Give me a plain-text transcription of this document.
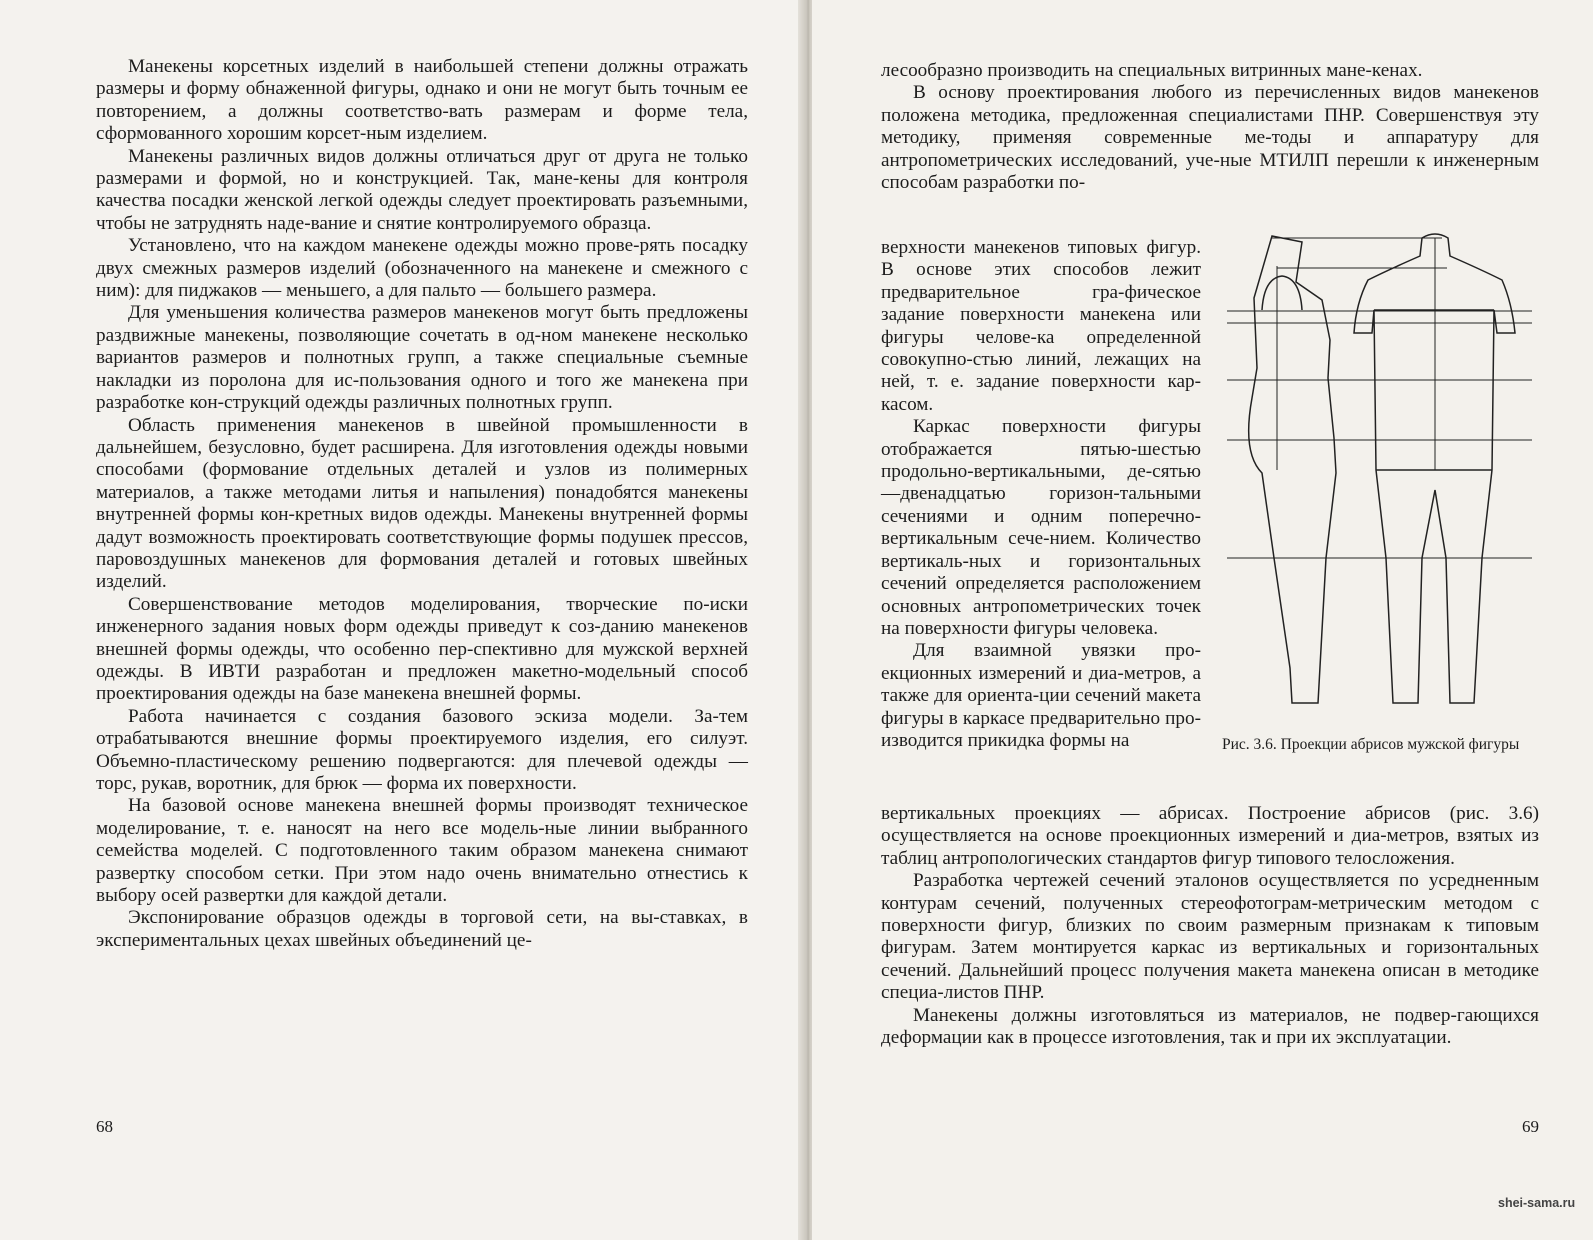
Манекены корсетных изделий в наибольшей степени должны отражать размеры и форму обнаженной фигуры, однако и они не могут быть точным ее повторением, а должны соответство-вать размерам и форме тела, сформованного хорошим корсет-ным изделием.

Манекены различных видов должны отличаться друг от друга не только размерами и формой, но и конструкцией. Так, мане-кены для контроля качества посадки женской легкой одежды следует проектировать разъемными, чтобы не затруднять наде-вание и снятие контролируемого образца.

Установлено, что на каждом манекене одежды можно прове-рять посадку двух смежных размеров изделий (обозначенного на манекене и смежного с ним): для пиджаков — меньшего, а для пальто — большего размера.

Для уменьшения количества размеров манекенов могут быть предложены раздвижные манекены, позволяющие сочетать в од-ном манекене несколько вариантов размеров и полнотных групп, а также специальные съемные накладки из поролона для ис-пользования одного и того же манекена при разработке кон-струкций одежды различных полнотных групп.

Область применения манекенов в швейной промышленности в дальнейшем, безусловно, будет расширена. Для изготовления одежды новыми способами (формование отдельных деталей и узлов из полимерных материалов, а также методами литья и напыления) понадобятся манекены внутренней формы кон-кретных видов одежды. Манекены внутренней формы дадут возможность проектировать соответствующие формы подушек прессов, паровоздушных манекенов для формования деталей и готовых швейных изделий.

Совершенствование методов моделирования, творческие по-иски инженерного задания новых форм одежды приведут к соз-данию манекенов внешней формы одежды, что особенно пер-спективно для мужской верхней одежды. В ИВТИ разработан и предложен макетно-модельный способ проектирования одежды на базе манекена внешней формы.

Работа начинается с создания базового эскиза модели. За-тем отрабатываются внешние формы проектируемого изделия, его силуэт. Объемно-пластическому решению подвергаются: для плечевой одежды — торс, рукав, воротник, для брюк — форма их поверхности.

На базовой основе манекена внешней формы производят техническое моделирование, т. е. наносят на него все модель-ные линии выбранного семейства моделей. С подготовленного таким образом манекена снимают развертку способом сетки. При этом надо очень внимательно отнестись к выбору осей развертки для каждой детали.

Экспонирование образцов одежды в торговой сети, на вы-ставках, в экспериментальных цехах швейных объединений це-

68

лесообразно производить на специальных витринных мане-кенах.

В основу проектирования любого из перечисленных видов манекенов положена методика, предложенная специалистами ПНР. Совершенствуя эту методику, применяя современные ме-тоды и аппаратуру для антропометрических исследований, уче-ные МТИЛП перешли к инженерным способам разработки по-

верхности манекенов типовых фигур. В основе этих способов лежит предварительное гра-фическое задание поверхности манекена или фигуры челове-ка определенной совокупно-стью линий, лежащих на ней, т. е. задание поверхности кар-касом.

Каркас поверхности фигуры отображается пятью-шестью продольно-вертикальными, де-сятью—двенадцатью горизон-тальными сечениями и одним поперечно-вертикальным сече-нием. Количество вертикаль-ных и горизонтальных сечений определяется расположением основных антропометрических точек на поверхности фигуры человека.

Для взаимной увязки про-екционных измерений и диа-метров, а также для ориента-ции сечений макета фигуры в каркасе предварительно про-изводится прикидка формы на	Рис. 3.6. Проекции абрисов мужской фигуры

вертикальных проекциях — абрисах. Построение абрисов (рис. 3.6) осуществляется на основе проекционных измерений и диа-метров, взятых из таблиц антропологических стандартов фигур типового телосложения.

Разработка чертежей сечений эталонов осуществляется по усредненным контурам сечений, полученных стереофотограм-метрическим методом с поверхности фигур, близких по своим размерным признакам к типовым фигурам. Затем монтируется каркас из вертикальных и горизонтальных сечений. Дальнейший процесс получения макета манекена описан в методике специа-листов ПНР.

Манекены должны изготовляться из материалов, не подвер-гающихся деформации как в процессе изготовления, так и при их эксплуатации.

69
shei-sama.ru
